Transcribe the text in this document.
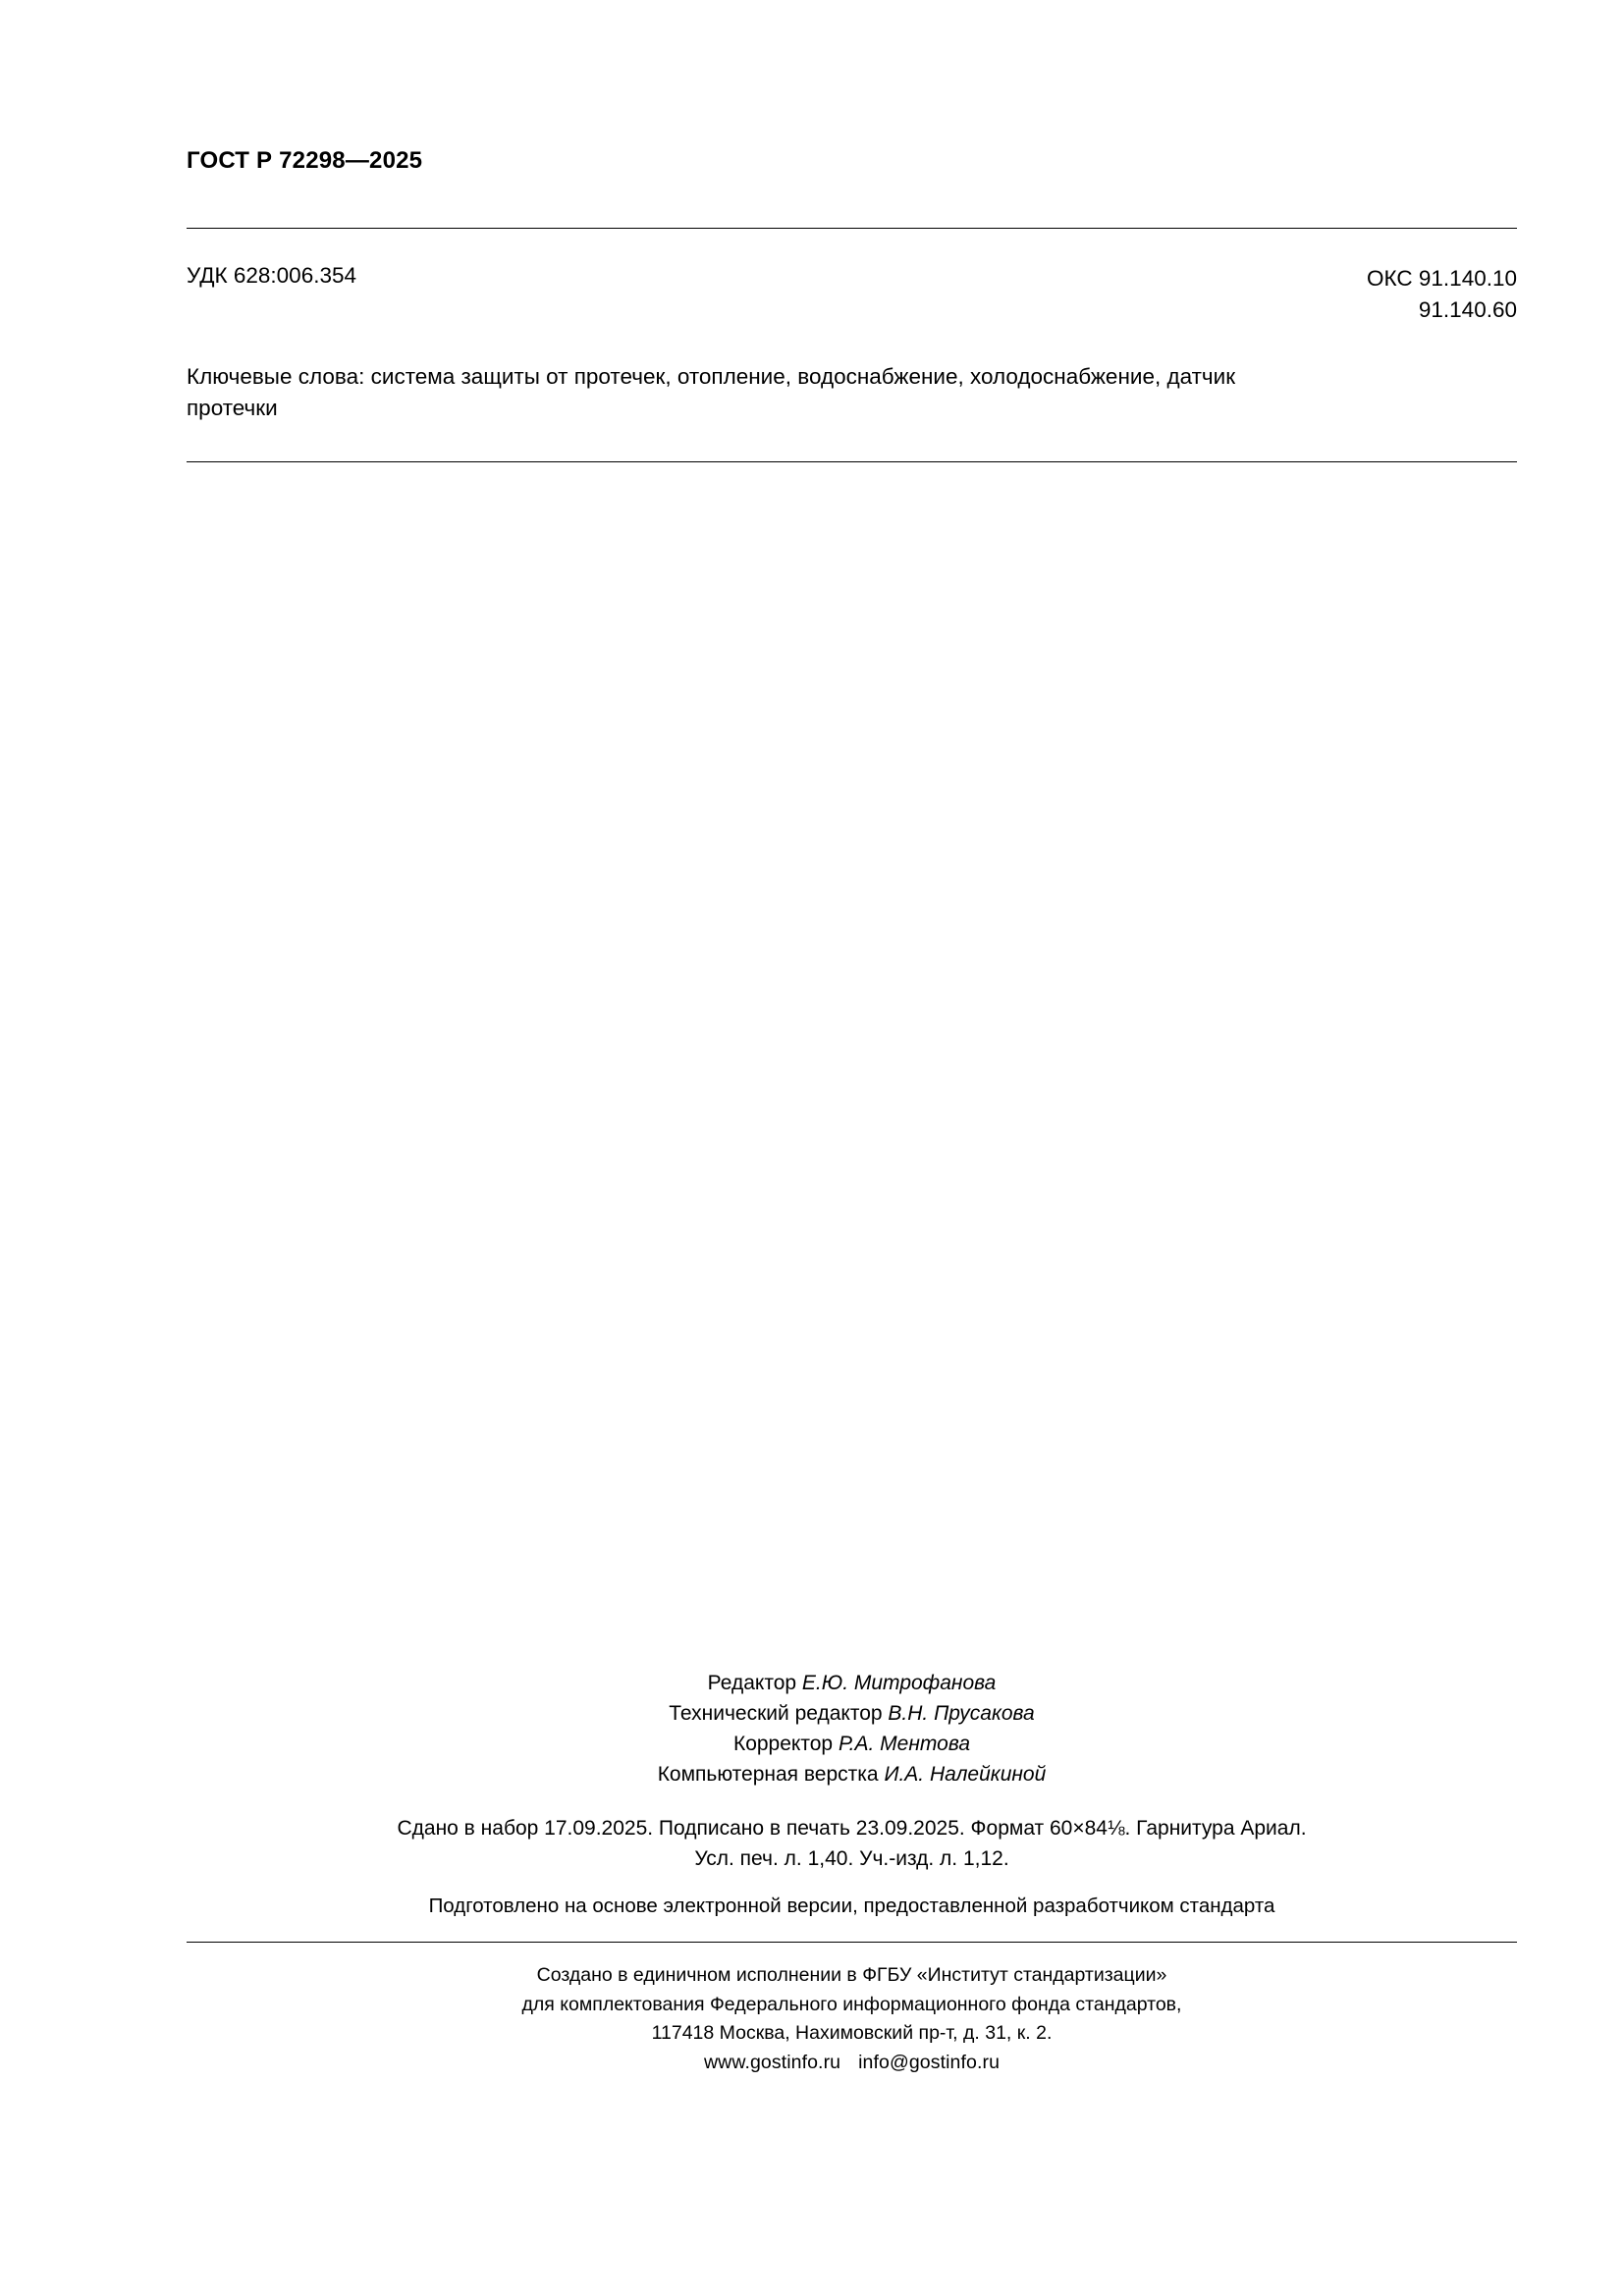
ГОСТ Р 72298—2025
УДК 628:006.354	ОКС 91.140.10
91.140.60
Ключевые слова: система защиты от протечек, отопление, водоснабжение, холодоснабжение, датчик
протечки
Редактор Е.Ю. Митрофанова
Технический редактор В.Н. Прусакова
Корректор Р.А. Ментова
Компьютерная верстка И.А. Налейкиной
Сдано в набор 17.09.2025. Подписано в печать 23.09.2025. Формат 60×84⅛. Гарнитура Ариал.
Усл. печ. л. 1,40. Уч.-изд. л. 1,12.
Подготовлено на основе электронной версии, предоставленной разработчиком стандарта
Создано в единичном исполнении в ФГБУ «Институт стандартизации»
для комплектования Федерального информационного фонда стандартов,
117418 Москва, Нахимовский пр-т, д. 31, к. 2.
www.gostinfo.ru info@gostinfo.ru
